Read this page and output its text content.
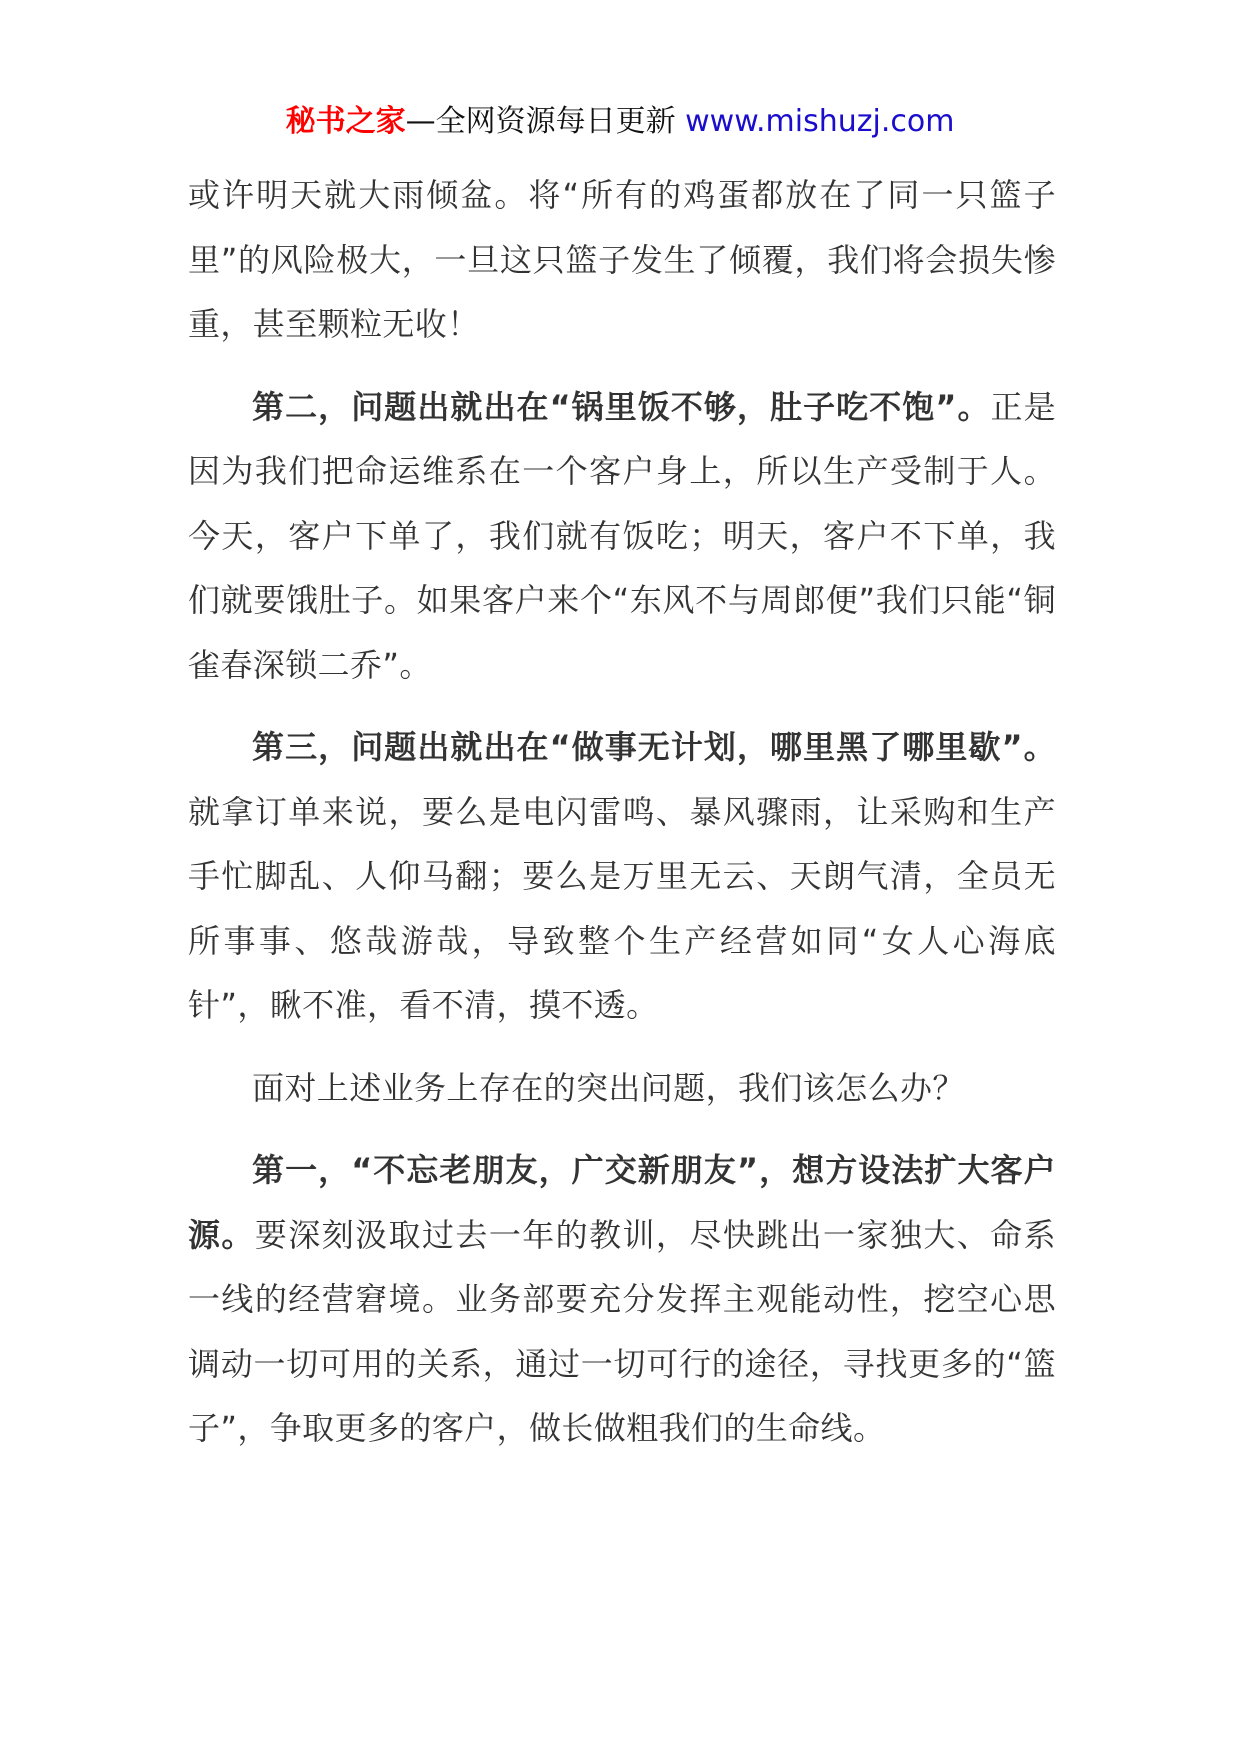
秘书之家—全网资源每日更新 www.mishuzj.com

或许明天就大雨倾盆。将“所有的鸡蛋都放在了同一只篮子里”的风险极大，一旦这只篮子发生了倾覆，我们将会损失惨重，甚至颗粒无收！

第二，问题出就出在“锅里饭不够，肚子吃不饱”。正是因为我们把命运维系在一个客户身上，所以生产受制于人。今天，客户下单了，我们就有饭吃；明天，客户不下单，我们就要饿肚子。如果客户来个“东风不与周郎便”我们只能“铜雀春深锁二乔”。

第三，问题出就出在“做事无计划，哪里黑了哪里歇”。就拿订单来说，要么是电闪雷鸣、暴风骤雨，让采购和生产手忙脚乱、人仰马翻；要么是万里无云、天朗气清，全员无所事事、悠哉游哉，导致整个生产经营如同“女人心海底针”，瞅不准，看不清，摸不透。

面对上述业务上存在的突出问题，我们该怎么办？

第一，“不忘老朋友，广交新朋友”，想方设法扩大客户源。要深刻汲取过去一年的教训，尽快跳出一家独大、命系一线的经营窘境。业务部要充分发挥主观能动性，挖空心思调动一切可用的关系，通过一切可行的途径，寻找更多的“篮子”，争取更多的客户，做长做粗我们的生命线。
